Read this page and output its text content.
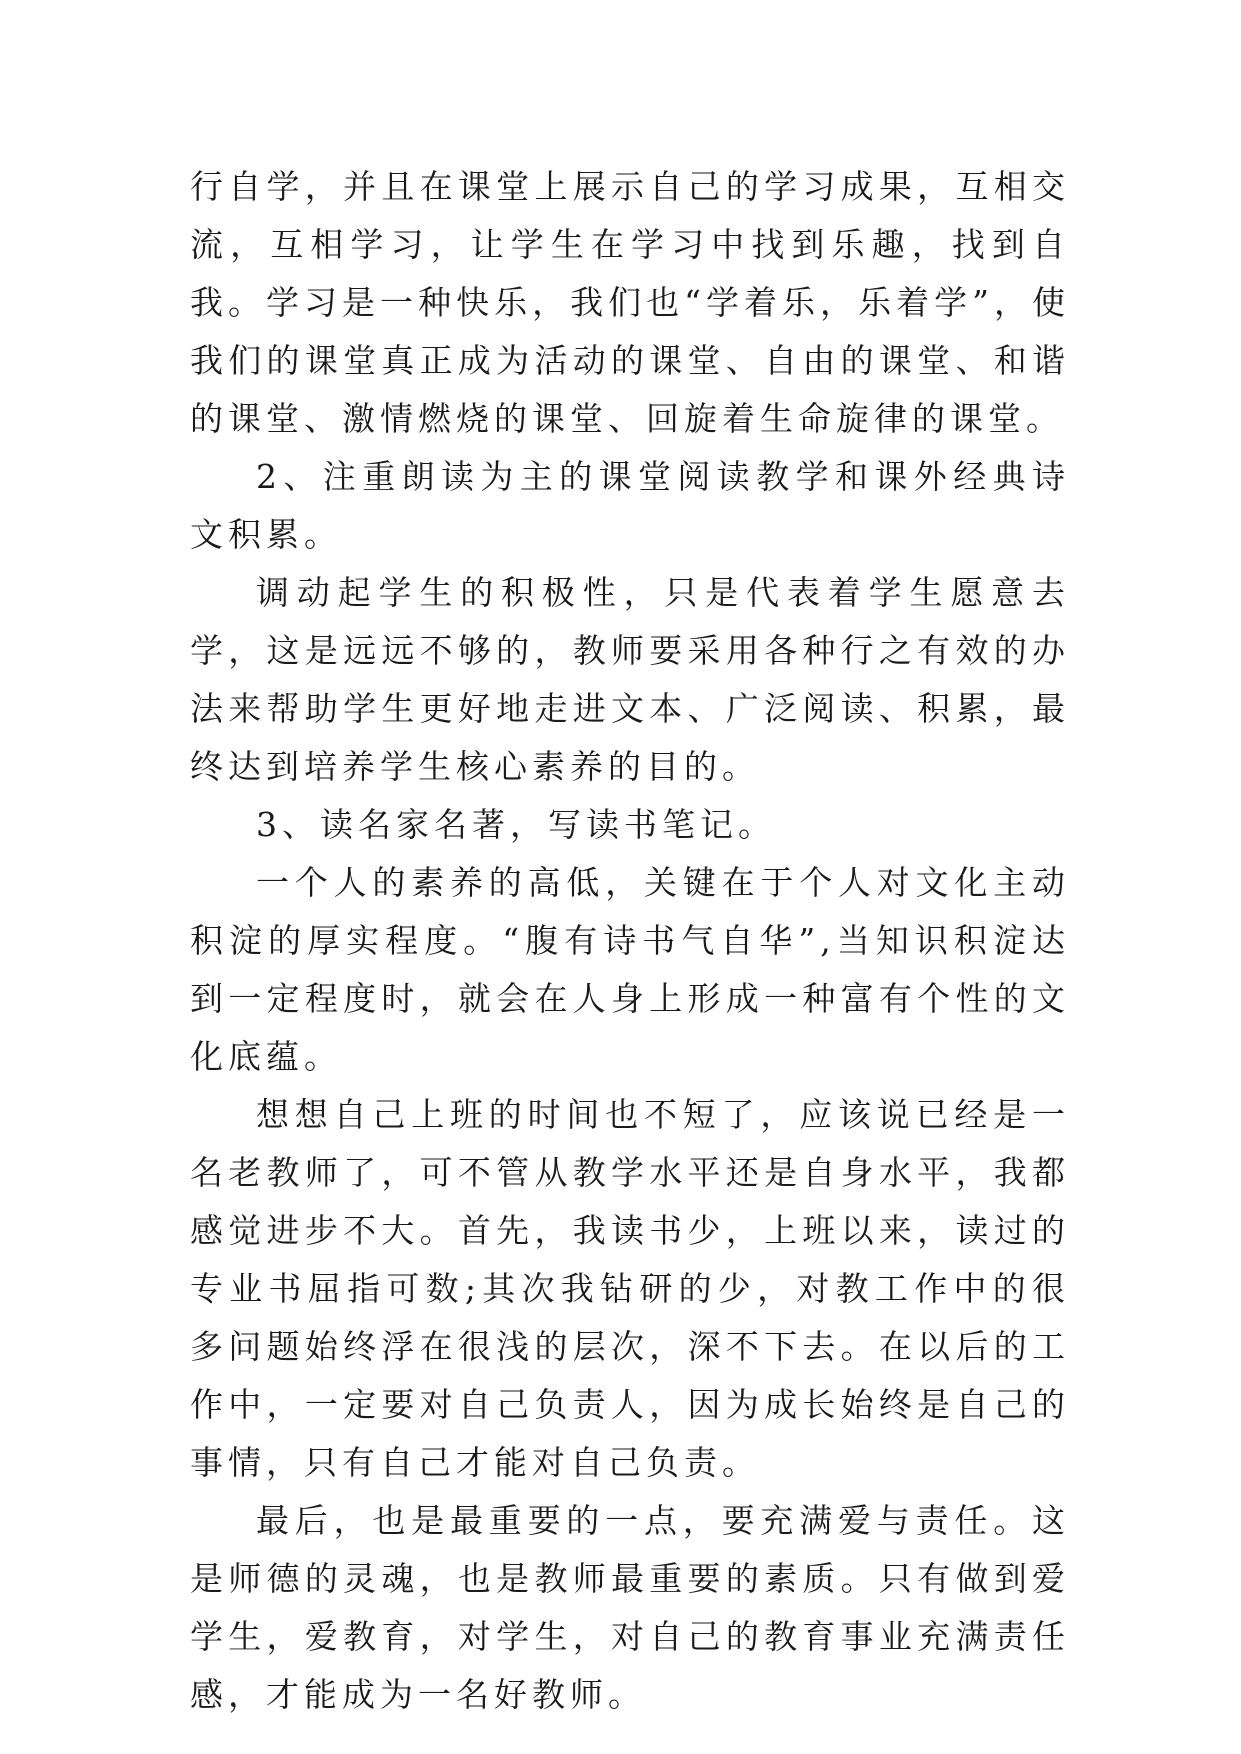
行自学，并且在课堂上展示自己的学习成果，互相交流，互相学习，让学生在学习中找到乐趣，找到自我。学习是一种快乐，我们也“学着乐，乐着学”，使我们的课堂真正成为活动的课堂、自由的课堂、和谐的课堂、激情燃烧的课堂、回旋着生命旋律的课堂。

2、注重朗读为主的课堂阅读教学和课外经典诗文积累。

调动起学生的积极性，只是代表着学生愿意去学，这是远远不够的，教师要采用各种行之有效的办法来帮助学生更好地走进文本、广泛阅读、积累，最终达到培养学生核心素养的目的。

3、读名家名著，写读书笔记。

一个人的素养的高低，关键在于个人对文化主动积淀的厚实程度。“腹有诗书气自华”,当知识积淀达到一定程度时，就会在人身上形成一种富有个性的文化底蕴。

想想自己上班的时间也不短了，应该说已经是一名老教师了，可不管从教学水平还是自身水平，我都感觉进步不大。首先，我读书少，上班以来，读过的专业书屈指可数;其次我钻研的少，对教工作中的很多问题始终浮在很浅的层次，深不下去。在以后的工作中，一定要对自己负责人，因为成长始终是自己的事情，只有自己才能对自己负责。

最后，也是最重要的一点，要充满爱与责任。这是师德的灵魂，也是教师最重要的素质。只有做到爱学生，爱教育，对学生，对自己的教育事业充满责任感，才能成为一名好教师。
